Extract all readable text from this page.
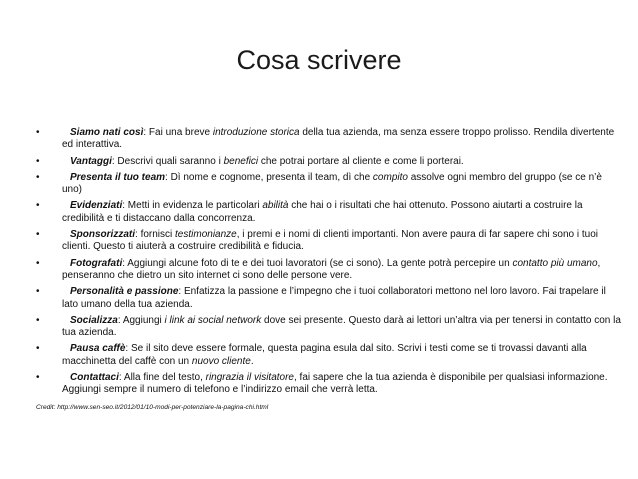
Cosa scrivere
•	Siamo nati così: Fai una breve introduzione storica della tua azienda, ma senza essere troppo prolisso. Rendila divertente ed interattiva.
•	Vantaggi: Descrivi quali saranno i benefici che potrai portare al cliente e come li porterai.
•	Presenta il tuo team: Dì nome e cognome, presenta il team, dì che compito assolve ogni membro del gruppo (se ce n’è uno)
•	Evidenziati: Metti in evidenza le particolari abilità che hai o i risultati che hai ottenuto. Possono aiutarti a costruire la credibilità e ti distaccano dalla concorrenza.
•	Sponsorizzati: fornisci testimonianze, i premi e i nomi di clienti importanti. Non avere paura di far sapere chi sono i tuoi clienti. Questo ti aiuterà a costruire credibilità e fiducia.
•	Fotografati: Aggiungi alcune foto di te e dei tuoi lavoratori (se ci sono). La gente potrà percepire un contatto più umano, penseranno che dietro un sito internet ci sono delle persone vere.
•	Personalità e passione: Enfatizza la passione e l’impegno che i tuoi collaboratori mettono nel loro lavoro. Fai trapelare il lato umano della tua azienda.
•	Socializza: Aggiungi i link ai social network dove sei presente. Questo darà ai lettori un’altra via per tenersi in contatto con la tua azienda.
•	Pausa caffè: Se il sito deve essere formale, questa pagina esula dal sito. Scrivi i testi come se ti trovassi davanti alla macchinetta del caffè con un nuovo cliente.
•	Contattaci: Alla fine del testo, ringrazia il visitatore, fai sapere che la tua azienda è disponibile per qualsiasi informazione. Aggiungi sempre il numero di telefono e l’indirizzo email che verrà letta.
Credit: http://www.sen-seo.it/2012/01/10-modi-per-potenziare-la-pagina-chi.html
